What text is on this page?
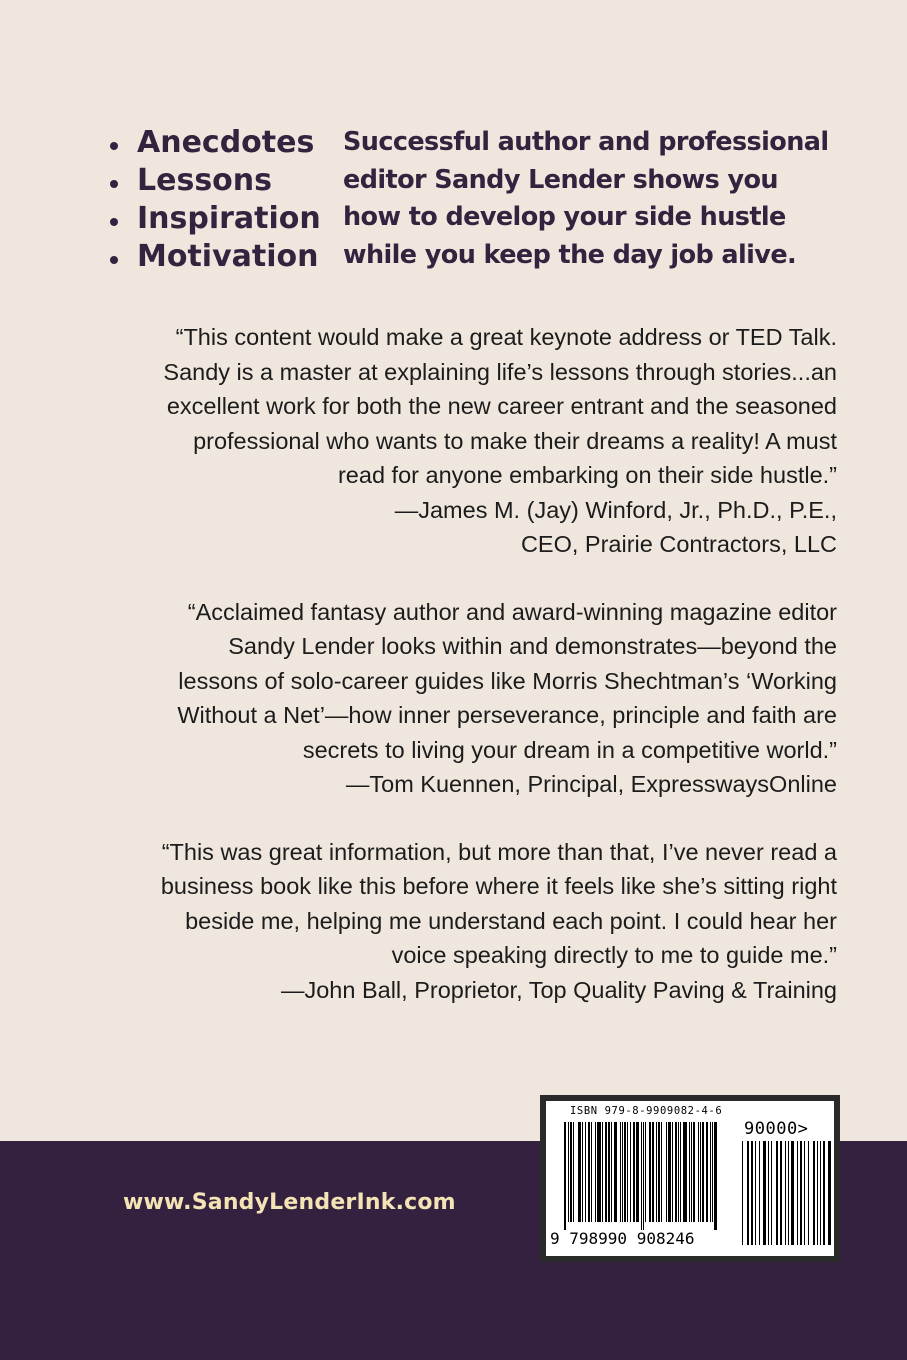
Anecdotes
Lessons
Inspiration
Motivation

Successful author and professional
editor Sandy Lender shows you
how to develop your side hustle
while you keep the day job alive.

“This content would make a great keynote address or TED Talk.
Sandy is a master at explaining life’s lessons through stories...an
excellent work for both the new career entrant and the seasoned
professional who wants to make their dreams a reality! A must
read for anyone embarking on their side hustle.”
—James M. (Jay) Winford, Jr., Ph.D., P.E.,
CEO, Prairie Contractors, LLC

“Acclaimed fantasy author and award-winning magazine editor
Sandy Lender looks within and demonstrates—beyond the
lessons of solo-career guides like Morris Shechtman’s ‘Working
Without a Net’—how inner perseverance, principle and faith are
secrets to living your dream in a competitive world.”
—Tom Kuennen, Principal, ExpresswaysOnline

“This was great information, but more than that, I’ve never read a
business book like this before where it feels like she’s sitting right
beside me, helping me understand each point. I could hear her
voice speaking directly to me to guide me.”
—John Ball, Proprietor, Top Quality Paving & Training

www.SandyLenderInk.com
ISBN 979-8-9909082-4-6
90000>
9 798990 908246
